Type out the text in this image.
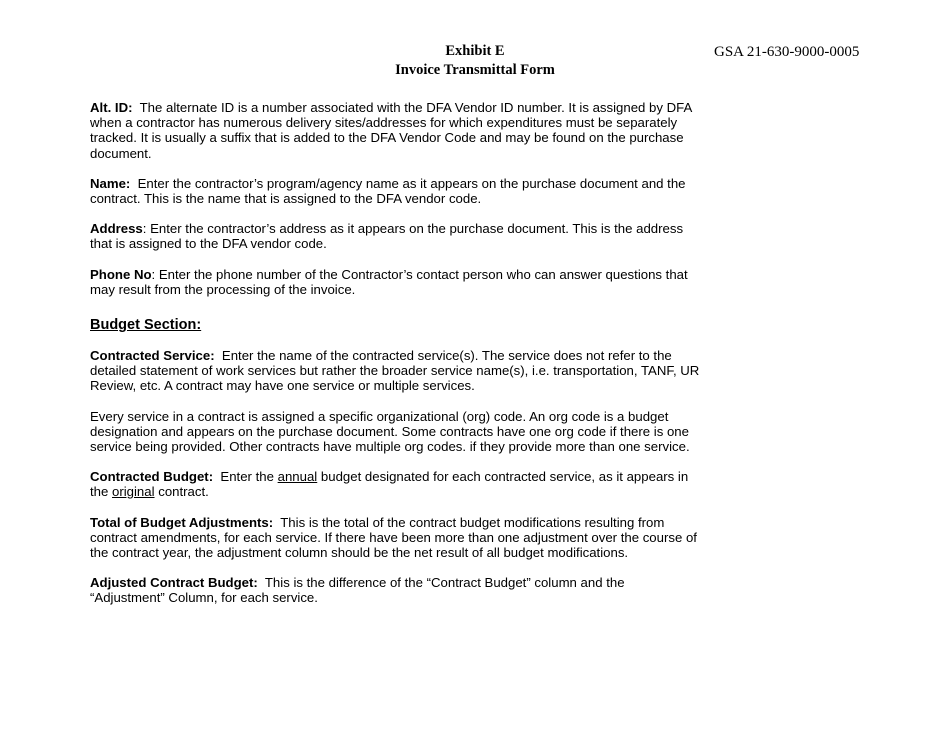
Exhibit E
Invoice Transmittal Form
GSA 21-630-9000-0005

Alt. ID: The alternate ID is a number associated with the DFA Vendor ID number. It is assigned by DFA when a contractor has numerous delivery sites/addresses for which expenditures must be separately tracked. It is usually a suffix that is added to the DFA Vendor Code and may be found on the purchase document.

Name: Enter the contractor’s program/agency name as it appears on the purchase document and the contract. This is the name that is assigned to the DFA vendor code.

Address: Enter the contractor’s address as it appears on the purchase document. This is the address that is assigned to the DFA vendor code.

Phone No: Enter the phone number of the Contractor’s contact person who can answer questions that may result from the processing of the invoice.

Budget Section:

Contracted Service: Enter the name of the contracted service(s). The service does not refer to the detailed statement of work services but rather the broader service name(s), i.e. transportation, TANF, UR Review, etc. A contract may have one service or multiple services.

Every service in a contract is assigned a specific organizational (org) code. An org code is a budget designation and appears on the purchase document. Some contracts have one org code if there is one service being provided. Other contracts have multiple org codes. if they provide more than one service.

Contracted Budget: Enter the annual budget designated for each contracted service, as it appears in the original contract.

Total of Budget Adjustments: This is the total of the contract budget modifications resulting from contract amendments, for each service. If there have been more than one adjustment over the course of the contract year, the adjustment column should be the net result of all budget modifications.

Adjusted Contract Budget: This is the difference of the “Contract Budget” column and the “Adjustment” Column, for each service.
